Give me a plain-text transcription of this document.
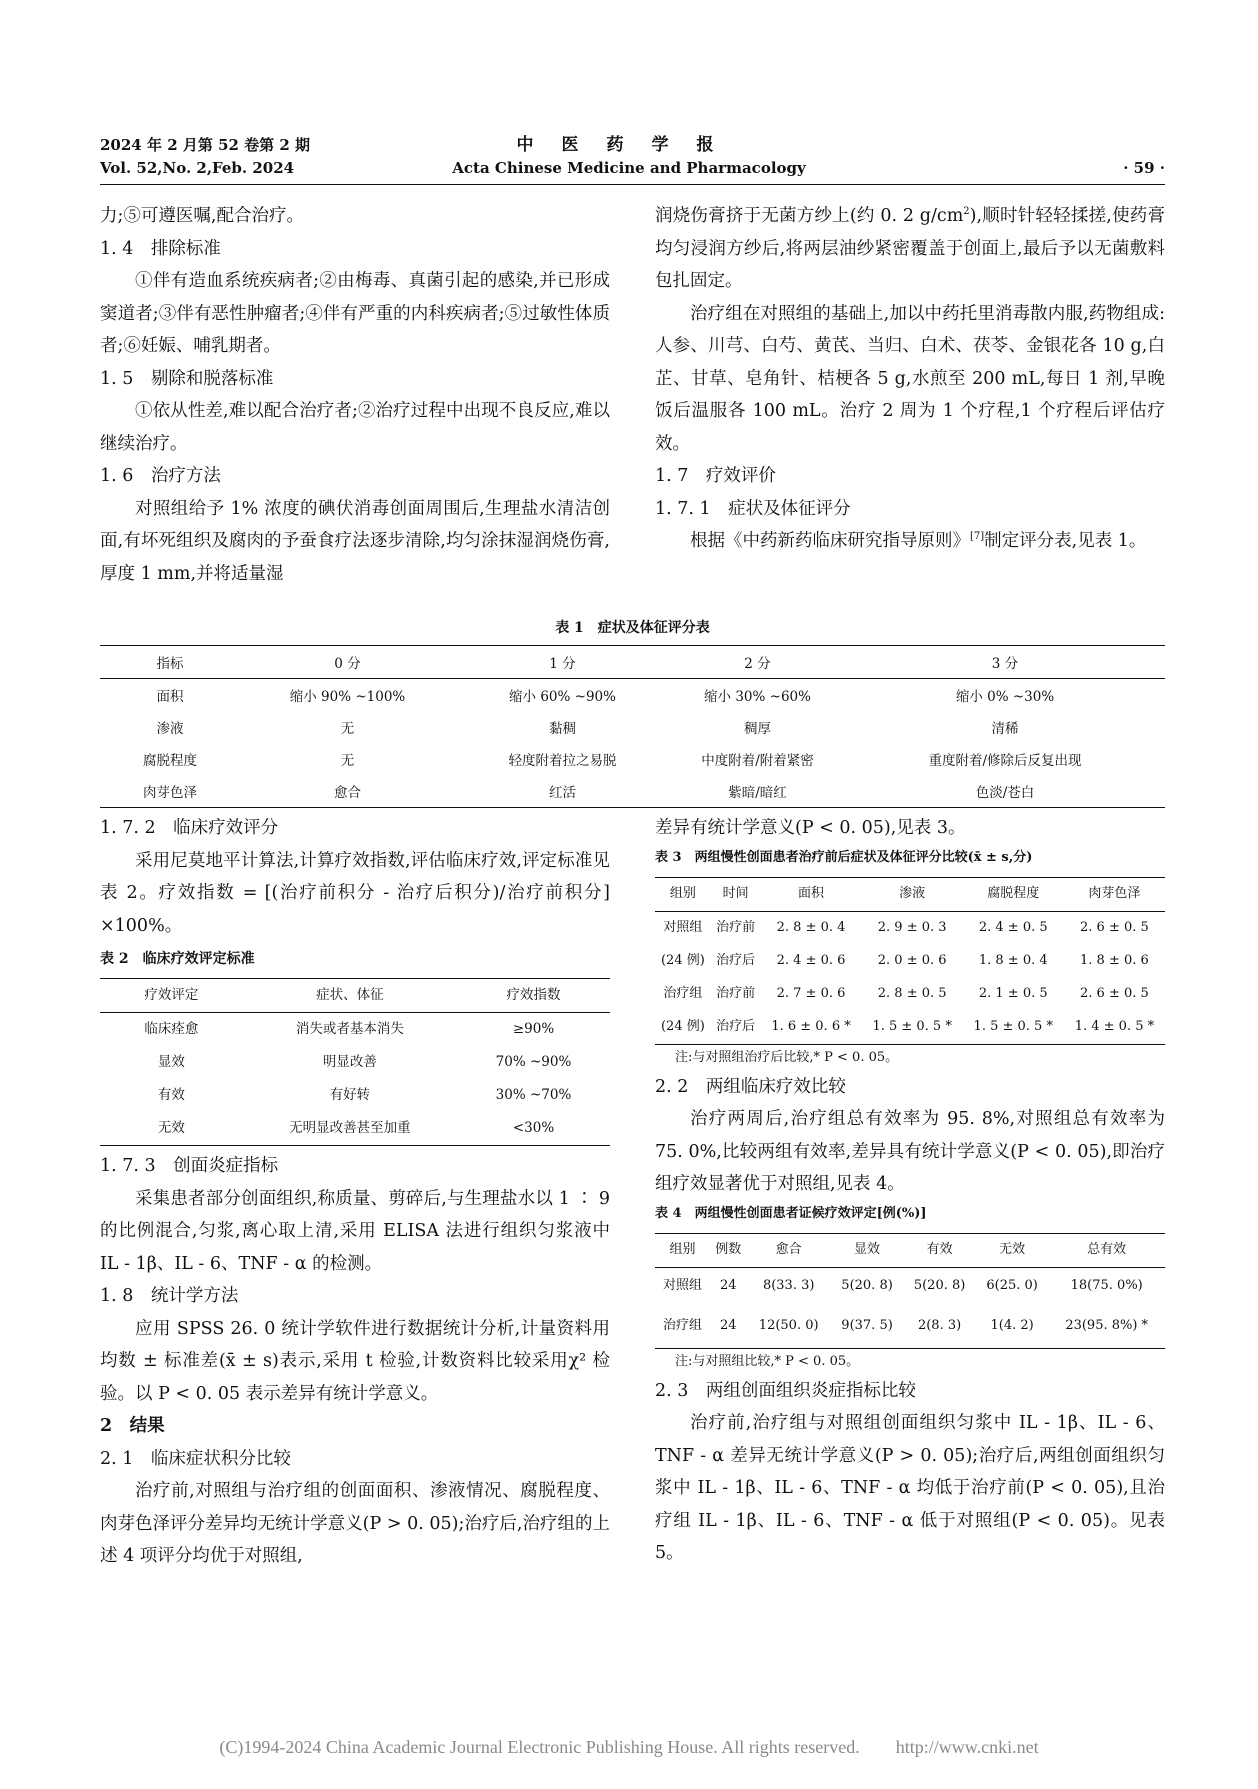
2024 年 2 月第 52 卷第 2 期
Vol. 52,No. 2,Feb. 2024
中医药学报
Acta Chinese Medicine and Pharmacology	· 59 ·

力;⑤可遵医嘱,配合治疗。

1. 4　排除标准

①伴有造血系统疾病者;②由梅毒、真菌引起的感染,并已形成窦道者;③伴有恶性肿瘤者;④伴有严重的内科疾病者;⑤过敏性体质者;⑥妊娠、哺乳期者。

1. 5　剔除和脱落标准

①依从性差,难以配合治疗者;②治疗过程中出现不良反应,难以继续治疗。

1. 6　治疗方法

对照组给予 1% 浓度的碘伏消毒创面周围后,生理盐水清洁创面,有坏死组织及腐肉的予蚕食疗法逐步清除,均匀涂抹湿润烧伤膏,厚度 1 mm,并将适量湿

润烧伤膏挤于无菌方纱上(约 0. 2 $g/cm^2$),顺时针轻轻揉搓,使药膏均匀浸润方纱后,将两层油纱紧密覆盖于创面上,最后予以无菌敷料包扎固定。

治疗组在对照组的基础上,加以中药托里消毒散内服,药物组成:人参、川芎、白芍、黄芪、当归、白术、茯苓、金银花各 10 g,白芷、甘草、皂角针、桔梗各 5 g,水煎至 200 mL,每日 1 剂,早晚饭后温服各 100 mL。治疗 2 周为 1 个疗程,1 个疗程后评估疗效。

1. 7　疗效评价

1. 7. 1　症状及体征评分

根据《中药新药临床研究指导原则》[7]制定评分表,见表 1。

表 1　症状及体征评分表

指标	0 分	1 分	2 分	3 分
面积	缩小 90% ~100%	缩小 60% ~90%	缩小 30% ~60%	缩小 0% ~30%
渗液	无	黏稠	稠厚	清稀
腐脱程度	无	轻度附着拉之易脱	中度附着/附着紧密	重度附着/修除后反复出现
肉芽色泽	愈合	红活	紫暗/暗红	色淡/苍白

1. 7. 2　临床疗效评分

采用尼莫地平计算法,计算疗效指数,评估临床疗效,评定标准见表 2。疗效指数 = [(治疗前积分 - 治疗后积分)/治疗前积分] ×100%。

表 2　临床疗效评定标准

疗效评定	症状、体征	疗效指数
临床痊愈	消失或者基本消失	≥90%
显效	明显改善	70% ~90%
有效	有好转	30% ~70%
无效	无明显改善甚至加重	<30%

1. 7. 3　创面炎症指标

采集患者部分创面组织,称质量、剪碎后,与生理盐水以 1 ∶ 9 的比例混合,匀浆,离心取上清,采用 ELISA 法进行组织匀浆液中 IL - 1β、IL - 6、TNF - α 的检测。

1. 8　统计学方法

应用 SPSS 26. 0 统计学软件进行数据统计分析,计量资料用均数 ± 标准差(x̄ ± s)表示,采用 t 检验,计数资料比较采用χ² 检验。以 P < 0. 05 表示差异有统计学意义。

2　结果

2. 1　临床症状积分比较

治疗前,对照组与治疗组的创面面积、渗液情况、腐脱程度、肉芽色泽评分差异均无统计学意义(P > 0. 05);治疗后,治疗组的上述 4 项评分均优于对照组,

差异有统计学意义(P < 0. 05),见表 3。

表 3　两组慢性创面患者治疗前后症状及体征评分比较(x̄ ± s,分)

组别	时间	面积	渗液	腐脱程度	肉芽色泽
对照组	治疗前	2. 8 ± 0. 4	2. 9 ± 0. 3	2. 4 ± 0. 5	2. 6 ± 0. 5
(24 例)	治疗后	2. 4 ± 0. 6	2. 0 ± 0. 6	1. 8 ± 0. 4	1. 8 ± 0. 6
治疗组	治疗前	2. 7 ± 0. 6	2. 8 ± 0. 5	2. 1 ± 0. 5	2. 6 ± 0. 5
(24 例)	治疗后	1. 6 ± 0. 6 *	1. 5 ± 0. 5 *	1. 5 ± 0. 5 *	1. 4 ± 0. 5 *

注:与对照组治疗后比较,* P < 0. 05。

2. 2　两组临床疗效比较

治疗两周后,治疗组总有效率为 95. 8%,对照组总有效率为 75. 0%,比较两组有效率,差异具有统计学意义(P < 0. 05),即治疗组疗效显著优于对照组,见表 4。

表 4　两组慢性创面患者证候疗效评定[例(%)]

组别	例数	愈合	显效	有效	无效	总有效
对照组	24	8(33. 3)	5(20. 8)	5(20. 8)	6(25. 0)	18(75. 0%)
治疗组	24	12(50. 0)	9(37. 5)	2(8. 3)	1(4. 2)	23(95. 8%) *

注:与对照组比较,* P < 0. 05。

2. 3　两组创面组织炎症指标比较

治疗前,治疗组与对照组创面组织匀浆中 IL - 1β、IL - 6、TNF - α 差异无统计学意义(P > 0. 05);治疗后,两组创面组织匀浆中 IL - 1β、IL - 6、TNF - α 均低于治疗前(P < 0. 05),且治疗组 IL - 1β、IL - 6、TNF - α 低于对照组(P < 0. 05)。见表 5。

(C)1994-2024 China Academic Journal Electronic Publishing House. All rights reserved.　　http://www.cnki.net
